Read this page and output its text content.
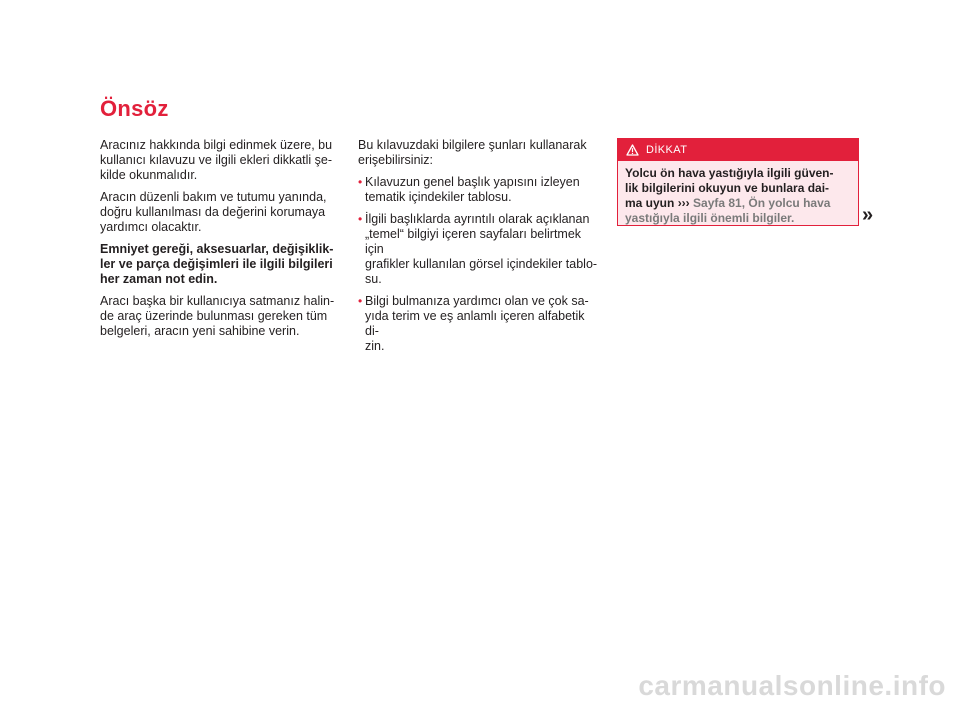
Önsöz

Aracınız hakkında bilgi edinmek üzere, bu
kullanıcı kılavuzu ve ilgili ekleri dikkatli şe-
kilde okunmalıdır.

Aracın düzenli bakım ve tutumu yanında,
doğru kullanılması da değerini korumaya
yardımcı olacaktır.

Emniyet gereği, aksesuarlar, değişiklik-
ler ve parça değişimleri ile ilgili bilgileri
her zaman not edin.

Aracı başka bir kullanıcıya satmanız halin-
de araç üzerinde bulunması gereken tüm
belgeleri, aracın yeni sahibine verin.

Bu kılavuzdaki bilgilere şunları kullanarak
erişebilirsiniz:

• Kılavuzun genel başlık yapısını izleyen
tematik içindekiler tablosu.
• İlgili başlıklarda ayrıntılı olarak açıklanan
„temel“ bilgiyi içeren sayfaları belirtmek için
grafikler kullanılan görsel içindekiler tablo-
su.
• Bilgi bulmanıza yardımcı olan ve çok sa-
yıda terim ve eş anlamlı içeren alfabetik di-
zin.
DİKKAT
Yolcu ön hava yastığıyla ilgili güven-
lik bilgilerini okuyun ve bunlara dai-
ma uyun ››› Sayfa 81, Ön yolcu hava
yastığıyla ilgili önemli bilgiler.	»
carmanualsonline.info
